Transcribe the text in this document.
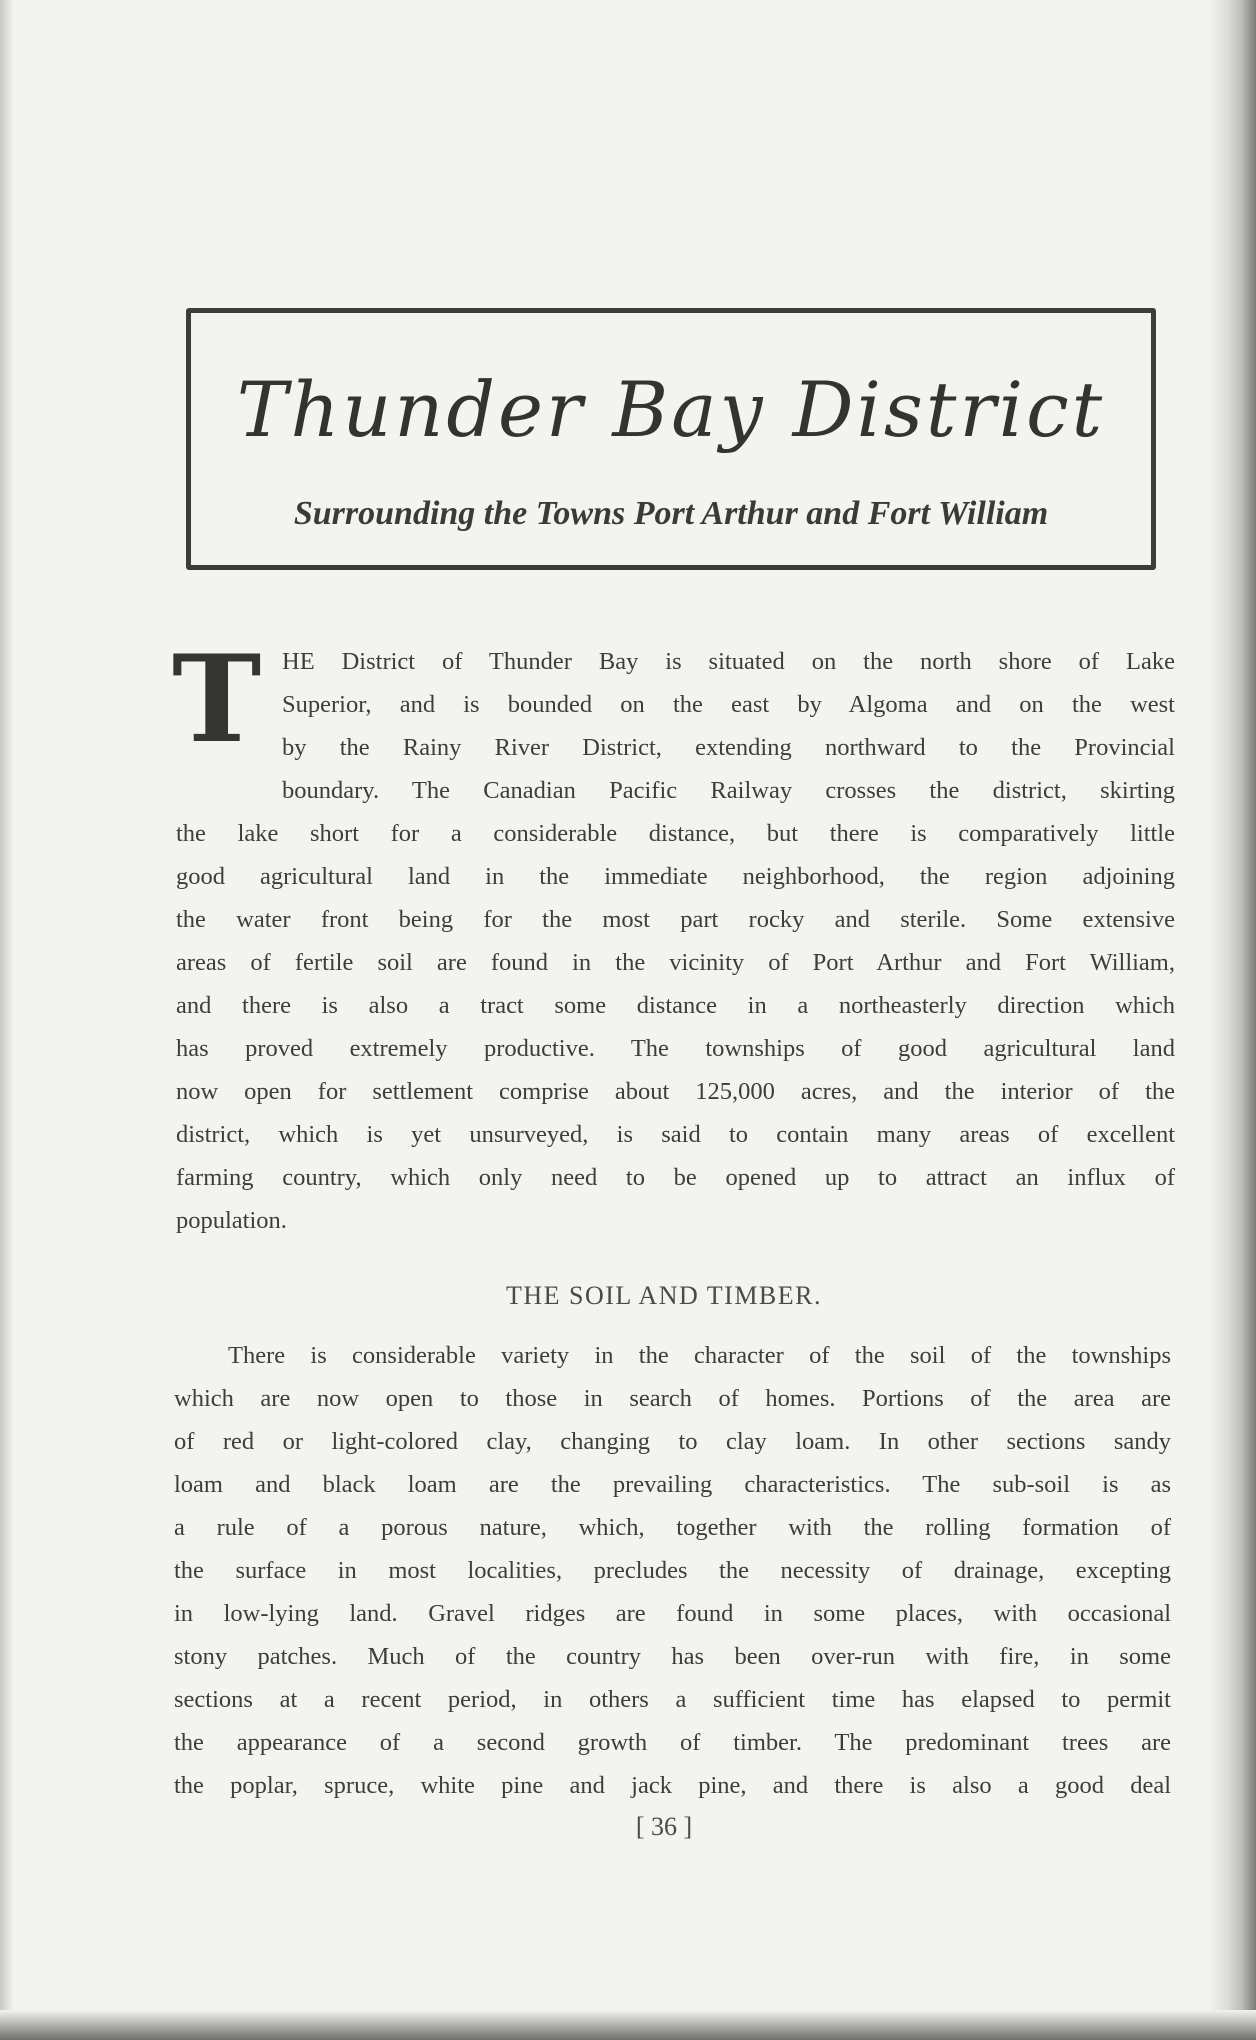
Thunder Bay District
Surrounding the Towns Port Arthur and Fort William
T HE District of Thunder Bay is situated on the north shore of Lake
Superior, and is bounded on the east by Algoma and on the west
by the Rainy River District, extending northward to the Provincial
boundary. The Canadian Pacific Railway crosses the district, skirting
the lake short for a considerable distance, but there is comparatively little
good agricultural land in the immediate neighborhood, the region adjoining
the water front being for the most part rocky and sterile. Some extensive
areas of fertile soil are found in the vicinity of Port Arthur and Fort William,
and there is also a tract some distance in a northeasterly direction which
has proved extremely productive. The townships of good agricultural land
now open for settlement comprise about 125,000 acres, and the interior of the
district, which is yet unsurveyed, is said to contain many areas of excellent
farming country, which only need to be opened up to attract an influx of
population.
THE SOIL AND TIMBER.
There is considerable variety in the character of the soil of the townships
which are now open to those in search of homes. Portions of the area are
of red or light-colored clay, changing to clay loam. In other sections sandy
loam and black loam are the prevailing characteristics. The sub-soil is as
a rule of a porous nature, which, together with the rolling formation of
the surface in most localities, precludes the necessity of drainage, excepting
in low-lying land. Gravel ridges are found in some places, with occasional
stony patches. Much of the country has been over-run with fire, in some
sections at a recent period, in others a sufficient time has elapsed to permit
the appearance of a second growth of timber. The predominant trees are
the poplar, spruce, white pine and jack pine, and there is also a good deal
[ 36 ]
